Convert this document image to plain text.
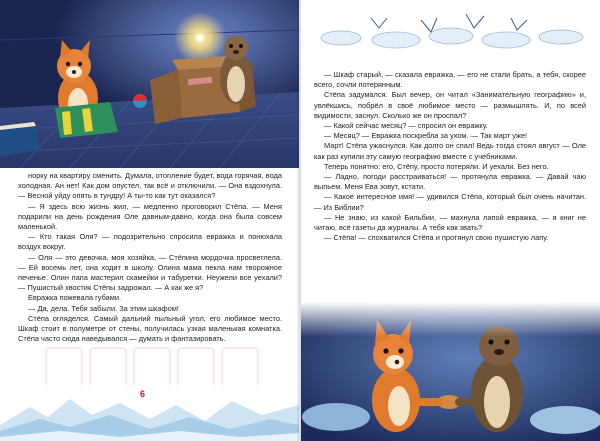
норку на квартиру сменить. Думала, отопление будет, вода горячая, вода холодная. Ан нет! Как дом опустел, так всё и отключили. — Она вздохнула. — Весной уйду опять в тундру! А ты-то как тут оказался?

— Я здесь всю жизнь жил, — медленно проговорил Стёпа. — Меня подарили на день рождения Оле давным-давно, когда она была совсем маленькой.

— Кто такая Оля? — подозрительно спросила евражка и понюхала воздух вокруг.

— Оля — это девочка, моя хозяйка, — Стёпина мордочка просветлела. — Ей восемь лет, она ходит в школу. Олина мама пекла нам творожное печенье. Олин папа мастерил скамейки и табуретки. Неужели все уехали? — Пушистый хвостик Стёпы задрожал. — А как же я?

Евражка пожевала губами.

— Да, дела. Тебя забыли. За этим шкафом!

Стёпа огляделся. Самый дальний пыльный угол, его любимое место. Шкаф стоит в полуметре от стены, получилась узкая маленькая комнатка. Стёпа часто сюда наведывался — думать и фантазировать.

6

— Шкаф старый, — сказала евражка, — его не стали брать, а тебя, скорее всего, сочли потерянным.

Стёпа задумался. Был вечер, он читал «Занимательную географию» и, увлёкшись, побрёл в своё любимое место — размышлять. И, по всей видимости, заснул. Сколько же он проспал?

— Какой сейчас месяц? — спросил он евражку.

— Месяц? — Евражка поскребла за ухом. — Так март уже!

Март! Стёпа ужаснулся. Как долго он спал! Ведь тогда стоял август — Оле как раз купили эту самую географию вместе с учебниками.

Теперь понятно: его, Стёпу, просто потеряли. И уехали. Без него.

— Ладно, погоди расстраиваться! — протянула евражка. — Давай чаю выпьем. Меня Ева зовут, кстати.

— Какое интересное имя! — удивился Стёпа, который был очень начитан. — Из Библии?

— Не знаю, из какой Бильбии, — махнула лапой евражка, — я книг не читаю, всё газеты да журналы. А тебя как звать?

— Стёпа! — спохватился Стёпа и протянул свою пушистую лапу.
